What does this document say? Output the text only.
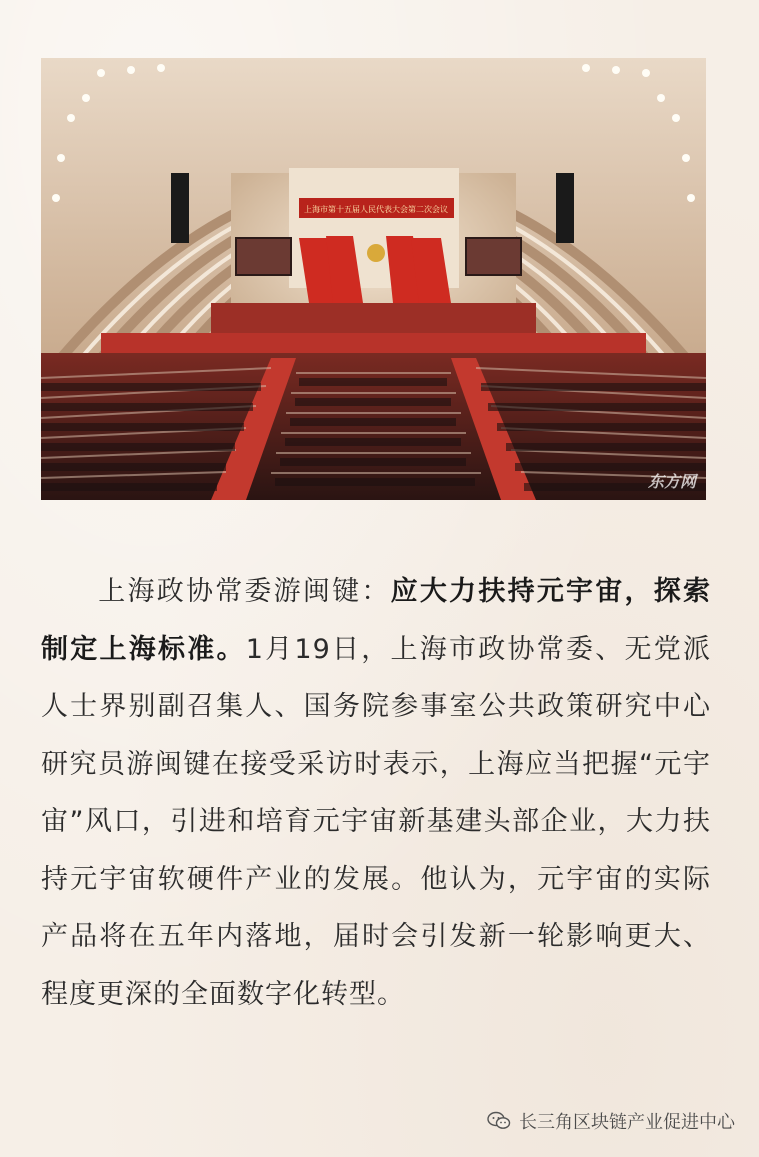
上海市第十五届人民代表大会第二次会议
东方网
上海政协常委游闽键：应大力扶持元宇宙，探索制定上海标准。1月19日，上海市政协常委、无党派人士界别副召集人、国务院参事室公共政策研究中心研究员游闽键在接受采访时表示，上海应当把握“元宇宙”风口，引进和培育元宇宙新基建头部企业，大力扶持元宇宙软硬件产业的发展。他认为，元宇宙的实际产品将在五年内落地，届时会引发新一轮影响更大、程度更深的全面数字化转型。
长三角区块链产业促进中心
